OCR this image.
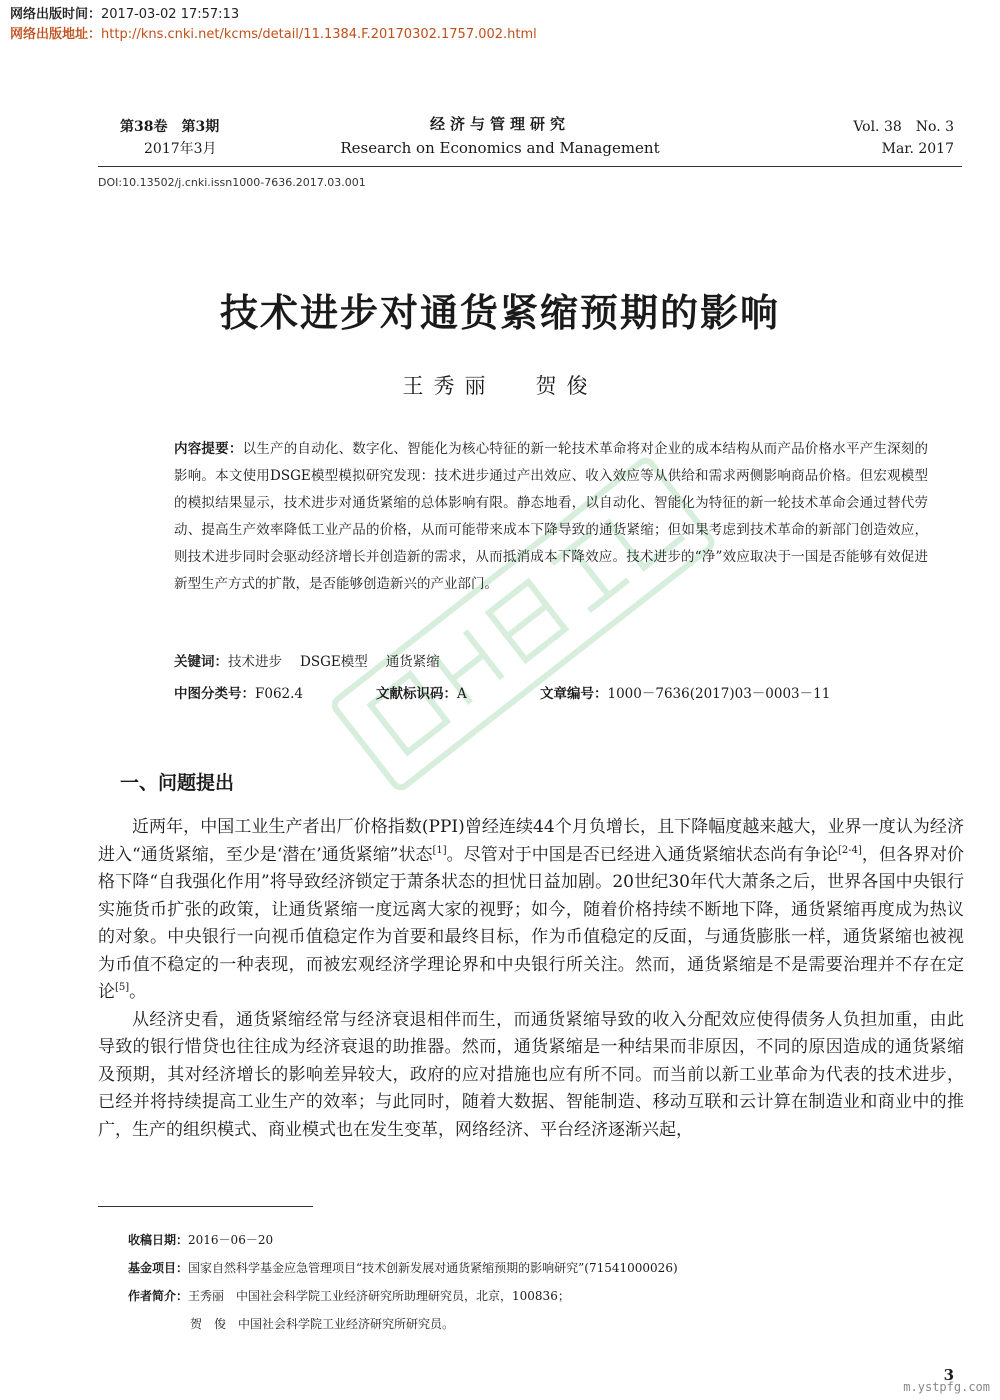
网络出版时间：2017-03-02 17:57:13
网络出版地址：http://kns.cnki.net/kcms/detail/11.1384.F.20170302.1757.002.html
第38卷　第3期
2017年3月
经济与管理研究
Research on Economics and Management
Vol. 38　No. 3
Mar. 2017
DOI:10.13502/j.cnki.issn1000-7636.2017.03.001
技术进步对通货紧缩预期的影响
王秀丽 贺俊
内容提要：以生产的自动化、数字化、智能化为核心特征的新一轮技术革命将对企业的成本结构从而产品价格水平产生深刻的影响。本文使用DSGE模型模拟研究发现：技术进步通过产出效应、收入效应等从供给和需求两侧影响商品价格。但宏观模型的模拟结果显示，技术进步对通货紧缩的总体影响有限。静态地看，以自动化、智能化为特征的新一轮技术革命会通过替代劳动、提高生产效率降低工业产品的价格，从而可能带来成本下降导致的通货紧缩；但如果考虑到技术革命的新部门创造效应，则技术进步同时会驱动经济增长并创造新的需求，从而抵消成本下降效应。技术进步的“净”效应取决于一国是否能够有效促进新型生产方式的扩散，是否能够创造新兴的产业部门。
关键词：技术进步 DSGE模型 通货紧缩
中图分类号：F062.4	文献标识码：A	文章编号：1000－7636(2017)03－0003－11
一、问题提出

近两年，中国工业生产者出厂价格指数(PPI)曾经连续44个月负增长，且下降幅度越来越大，业界一度认为经济进入“通货紧缩，至少是‘潜在’通货紧缩”状态[1]。尽管对于中国是否已经进入通货紧缩状态尚有争论[2-4]，但各界对价格下降“自我强化作用”将导致经济锁定于萧条状态的担忧日益加剧。20世纪30年代大萧条之后，世界各国中央银行实施货币扩张的政策，让通货紧缩一度远离大家的视野；如今，随着价格持续不断地下降，通货紧缩再度成为热议的对象。中央银行一向视币值稳定作为首要和最终目标，作为币值稳定的反面，与通货膨胀一样，通货紧缩也被视为币值不稳定的一种表现，而被宏观经济学理论界和中央银行所关注。然而，通货紧缩是不是需要治理并不存在定论[5]。

从经济史看，通货紧缩经常与经济衰退相伴而生，而通货紧缩导致的收入分配效应使得债务人负担加重，由此导致的银行惜贷也往往成为经济衰退的助推器。然而，通货紧缩是一种结果而非原因，不同的原因造成的通货紧缩及预期，其对经济增长的影响差异较大，政府的应对措施也应有所不同。而当前以新工业革命为代表的技术进步，已经并将持续提高工业生产的效率；与此同时，随着大数据、智能制造、移动互联和云计算在制造业和商业中的推广，生产的组织模式、商业模式也在发生变革，网络经济、平台经济逐渐兴起，

收稿日期：2016－06－20
基金项目：国家自然科学基金应急管理项目“技术创新发展对通货紧缩预期的影响研究”(71541000026)
作者简介：王秀丽　中国社会科学院工业经济研究所助理研究员，北京，100836；
贺　俊　中国社会科学院工业经济研究所研究员。
3
m.ystpfg.com
